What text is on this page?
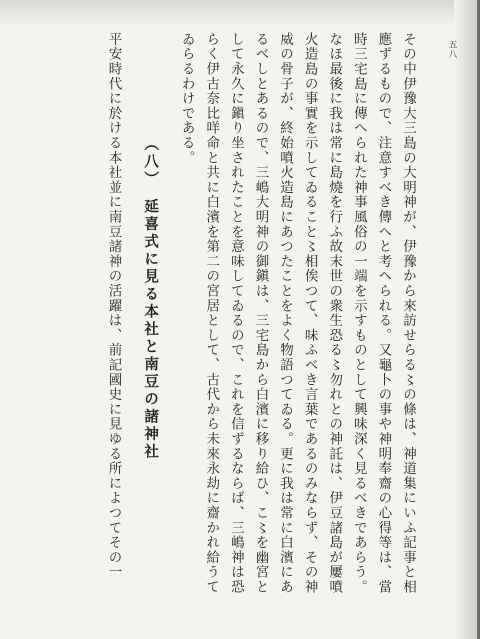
五八
その中伊豫大三島の大明神が、伊豫から來訪せらる〻の條は、神道集にいふ記事と相
應ずるもので、注意すべき傳へと考へられる。又龜卜の事や神明奉齋の心得等は、當
時三宅島に傳へられた神事風俗の一端を示すものとして興味深く見るべきであらう。
なほ最後に我は常に島燒を行ふ故末世の衆生恐る〻勿れとの神託は、伊豆諸島が屢噴
火造島の事實を示してゐること〻相俟つて、味ふべき言葉であるのみならず、その神
威の骨子が、終始噴火造島にあつたことをよく物語つてゐる。更に我は常に白濱にあ
るべしとあるので、三嶋大明神の御鎭は、三宅島から白濱に移り給ひ、こ〻を幽宮と
して永久に鎭り坐されたことを意味してゐるので、これを信ずるならば、三嶋神は恐
らく伊古奈比咩命と共に白濱を第二の宮居として、古代から未來永劫に齋かれ給うて
ゐらるわけである。
（八）　延喜式に見る本社と南豆の諸神社
平安時代に於ける本社並に南豆諸神の活躍は、前記國史に見ゆる所によつてその一
